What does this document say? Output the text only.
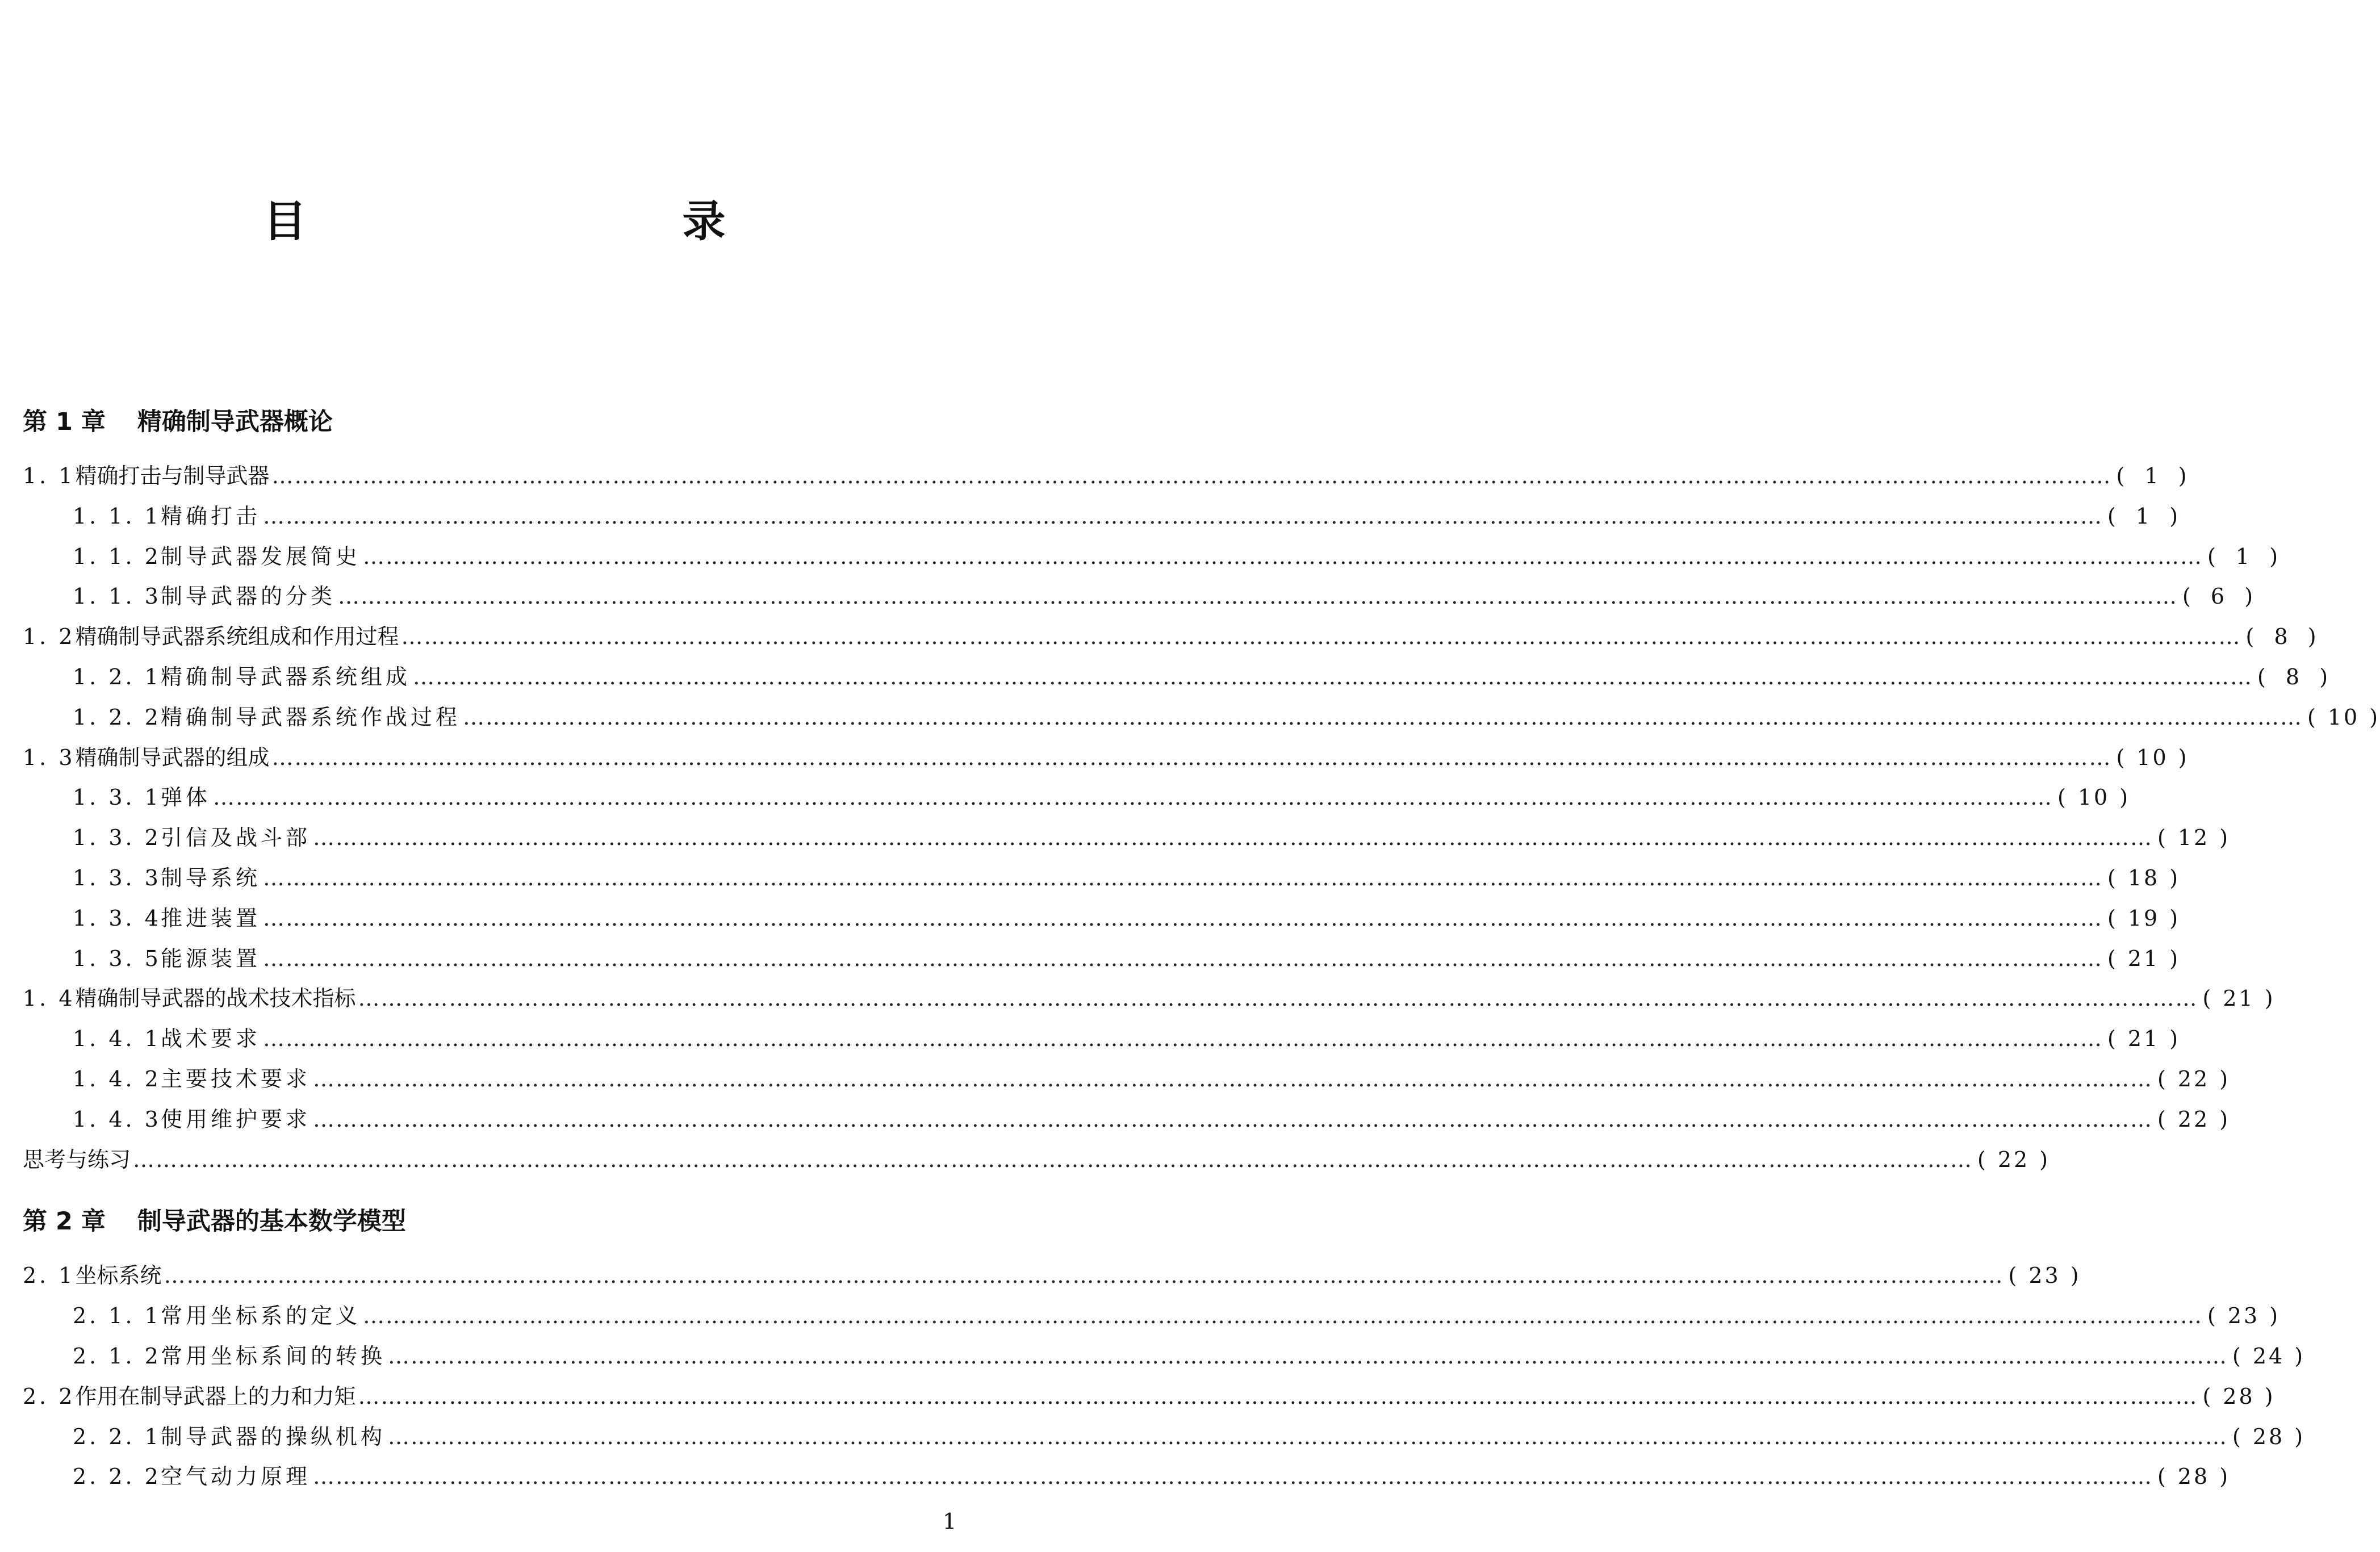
目　　录
第 1 章 精确制导武器概论
1. 1 精确打击与制导武器 ……………………………………………………………………………………………………………………………………………………………………………………………………………………… ( 1 )
1. 1. 1 精确打击 ……………………………………………………………………………………………………………………………………………………………………………………………………………………… ( 1 )
1. 1. 2 制导武器发展简史 ……………………………………………………………………………………………………………………………………………………………………………………………………………………… ( 1 )
1. 1. 3 制导武器的分类 ……………………………………………………………………………………………………………………………………………………………………………………………………………………… ( 6 )
1. 2 精确制导武器系统组成和作用过程 ……………………………………………………………………………………………………………………………………………………………………………………………………………………… ( 8 )
1. 2. 1 精确制导武器系统组成 ……………………………………………………………………………………………………………………………………………………………………………………………………………………… ( 8 )
1. 2. 2 精确制导武器系统作战过程 ……………………………………………………………………………………………………………………………………………………………………………………………………………………… ( 10 )
1. 3 精确制导武器的组成 ……………………………………………………………………………………………………………………………………………………………………………………………………………………… ( 10 )
1. 3. 1 弹体 ……………………………………………………………………………………………………………………………………………………………………………………………………………………… ( 10 )
1. 3. 2 引信及战斗部 ……………………………………………………………………………………………………………………………………………………………………………………………………………………… ( 12 )
1. 3. 3 制导系统 ……………………………………………………………………………………………………………………………………………………………………………………………………………………… ( 18 )
1. 3. 4 推进装置 ……………………………………………………………………………………………………………………………………………………………………………………………………………………… ( 19 )
1. 3. 5 能源装置 ……………………………………………………………………………………………………………………………………………………………………………………………………………………… ( 21 )
1. 4 精确制导武器的战术技术指标 ……………………………………………………………………………………………………………………………………………………………………………………………………………………… ( 21 )
1. 4. 1 战术要求 ……………………………………………………………………………………………………………………………………………………………………………………………………………………… ( 21 )
1. 4. 2 主要技术要求 ……………………………………………………………………………………………………………………………………………………………………………………………………………………… ( 22 )
1. 4. 3 使用维护要求 ……………………………………………………………………………………………………………………………………………………………………………………………………………………… ( 22 )
思考与练习 ……………………………………………………………………………………………………………………………………………………………………………………………………………………… ( 22 )
第 2 章 制导武器的基本数学模型
2. 1 坐标系统 ……………………………………………………………………………………………………………………………………………………………………………………………………………………… ( 23 )
2. 1. 1 常用坐标系的定义 ……………………………………………………………………………………………………………………………………………………………………………………………………………………… ( 23 )
2. 1. 2 常用坐标系间的转换 ……………………………………………………………………………………………………………………………………………………………………………………………………………………… ( 24 )
2. 2 作用在制导武器上的力和力矩 ……………………………………………………………………………………………………………………………………………………………………………………………………………………… ( 28 )
2. 2. 1 制导武器的操纵机构 ……………………………………………………………………………………………………………………………………………………………………………………………………………………… ( 28 )
2. 2. 2 空气动力原理 ……………………………………………………………………………………………………………………………………………………………………………………………………………………… ( 28 )
1
